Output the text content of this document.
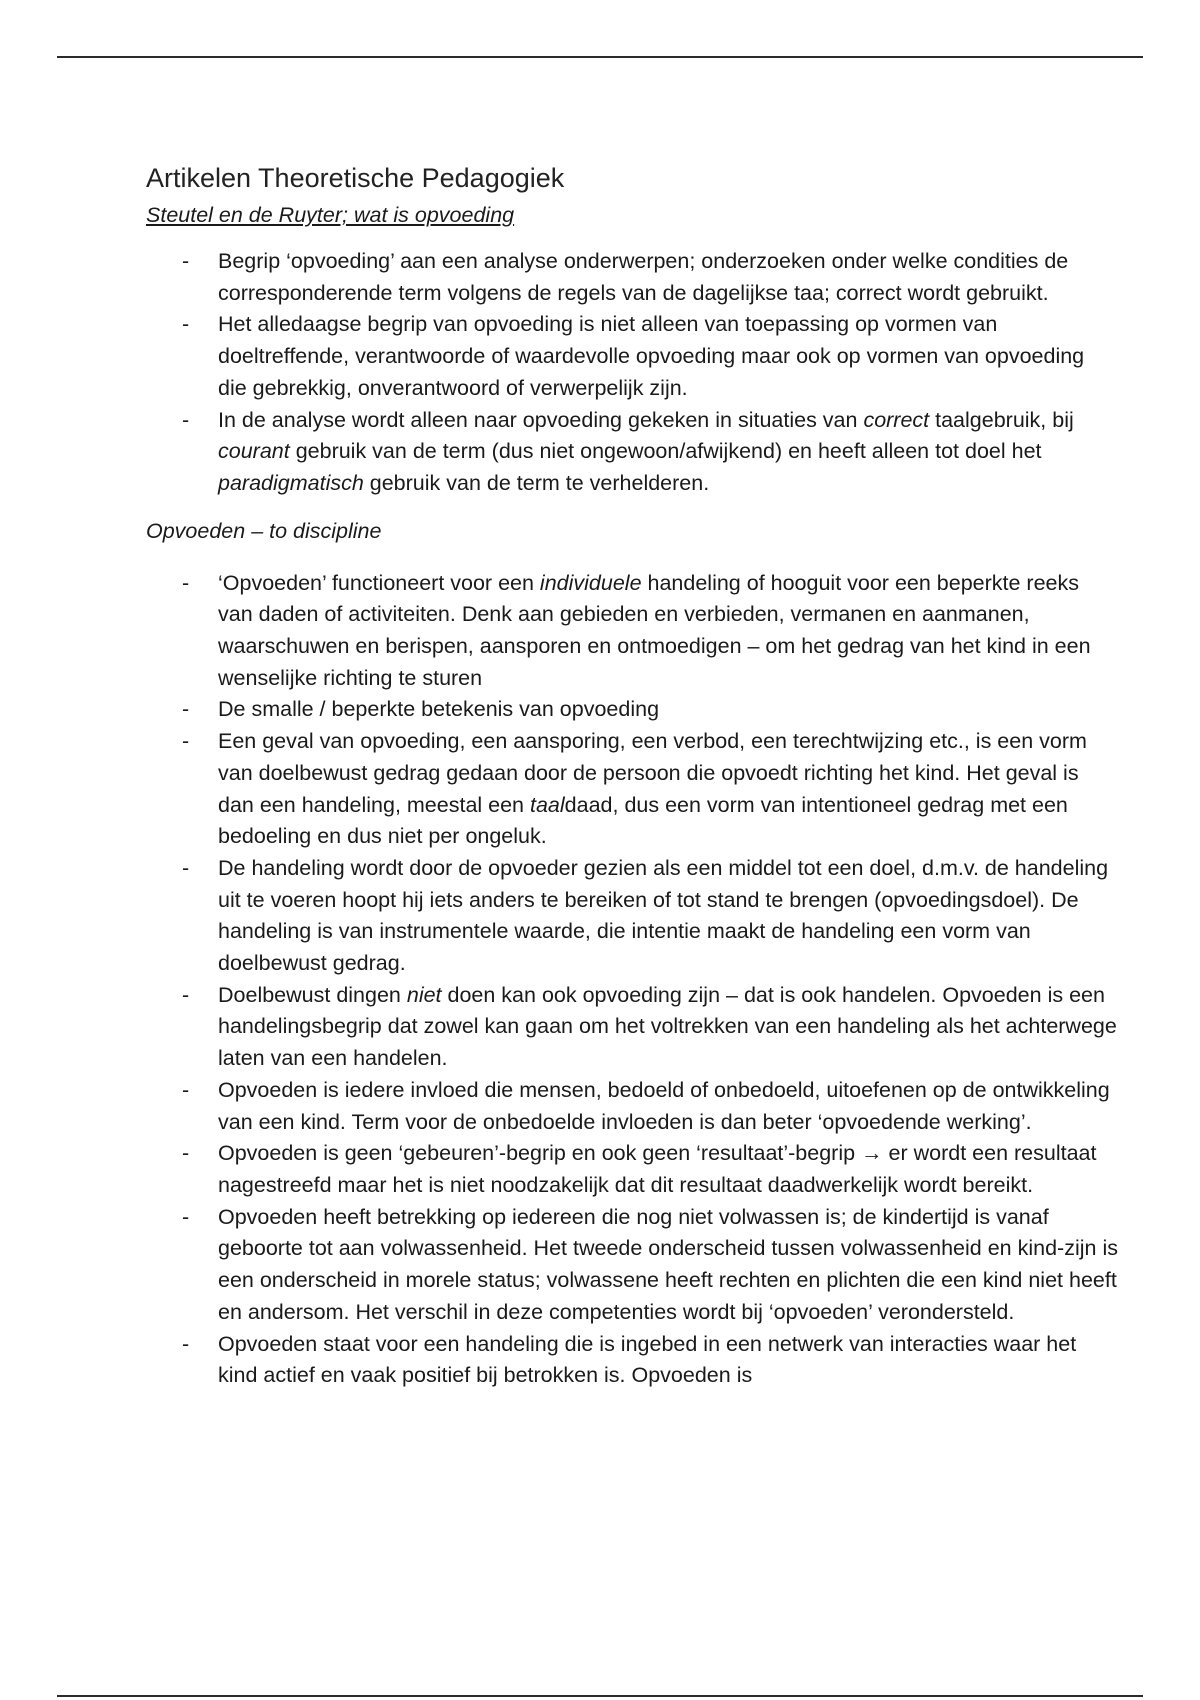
Artikelen Theoretische Pedagogiek
Steutel en de Ruyter; wat is opvoeding
- Begrip ‘opvoeding’ aan een analyse onderwerpen; onderzoeken onder welke condities de corresponderende term volgens de regels van de dagelijkse taa; correct wordt gebruikt.
- Het alledaagse begrip van opvoeding is niet alleen van toepassing op vormen van doeltreffende, verantwoorde of waardevolle opvoeding maar ook op vormen van opvoeding die gebrekkig, onverantwoord of verwerpelijk zijn.
- In de analyse wordt alleen naar opvoeding gekeken in situaties van correct taalgebruik, bij courant gebruik van de term (dus niet ongewoon/afwijkend) en heeft alleen tot doel het paradigmatisch gebruik van de term te verhelderen.
Opvoeden – to discipline
- ‘Opvoeden’ functioneert voor een individuele handeling of hooguit voor een beperkte reeks van daden of activiteiten. Denk aan gebieden en verbieden, vermanen en aanmanen, waarschuwen en berispen, aansporen en ontmoedigen – om het gedrag van het kind in een wenselijke richting te sturen
- De smalle / beperkte betekenis van opvoeding
- Een geval van opvoeding, een aansporing, een verbod, een terechtwijzing etc., is een vorm van doelbewust gedrag gedaan door de persoon die opvoedt richting het kind. Het geval is dan een handeling, meestal een taaldaad, dus een vorm van intentioneel gedrag met een bedoeling en dus niet per ongeluk.
- De handeling wordt door de opvoeder gezien als een middel tot een doel, d.m.v. de handeling uit te voeren hoopt hij iets anders te bereiken of tot stand te brengen (opvoedingsdoel). De handeling is van instrumentele waarde, die intentie maakt de handeling een vorm van doelbewust gedrag.
- Doelbewust dingen niet doen kan ook opvoeding zijn – dat is ook handelen. Opvoeden is een handelingsbegrip dat zowel kan gaan om het voltrekken van een handeling als het achterwege laten van een handelen.
- Opvoeden is iedere invloed die mensen, bedoeld of onbedoeld, uitoefenen op de ontwikkeling van een kind. Term voor de onbedoelde invloeden is dan beter ‘opvoedende werking’.
- Opvoeden is geen ‘gebeuren’-begrip en ook geen ‘resultaat’-begrip → er wordt een resultaat nagestreefd maar het is niet noodzakelijk dat dit resultaat daadwerkelijk wordt bereikt.
- Opvoeden heeft betrekking op iedereen die nog niet volwassen is; de kindertijd is vanaf geboorte tot aan volwassenheid. Het tweede onderscheid tussen volwassenheid en kind-zijn is een onderscheid in morele status; volwassene heeft rechten en plichten die een kind niet heeft en andersom. Het verschil in deze competenties wordt bij ‘opvoeden’ verondersteld.
- Opvoeden staat voor een handeling die is ingebed in een netwerk van interacties waar het kind actief en vaak positief bij betrokken is. Opvoeden is
